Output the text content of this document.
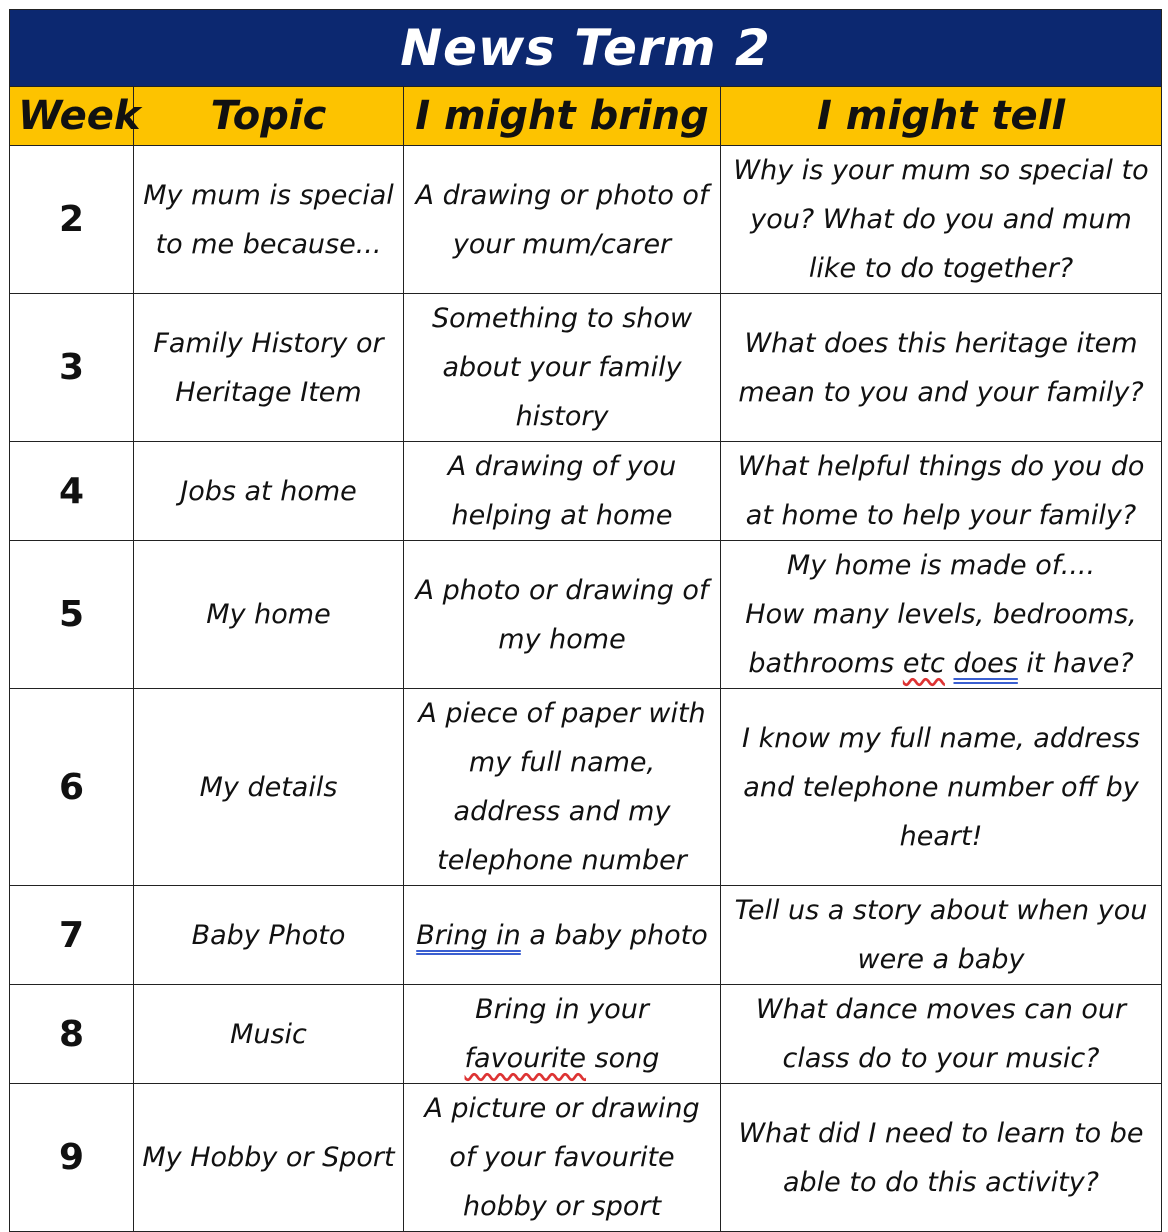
News Term 2			
Week	Topic	I might bring	I might tell
2	My mum is special to me because...	A drawing or photo of your mum/carer	Why is your mum so special to you? What do you and mum like to do together?
3	Family History or Heritage Item	Something to show about your family history	What does this heritage item mean to you and your family?
4	Jobs at home	A drawing of you helping at home	What helpful things do you do at home to help your family?
5	My home	A photo or drawing of my home	My home is made of....
How many levels, bedrooms, bathrooms etc does it have?
6	My details	A piece of paper with my full name, address and my telephone number	I know my full name, address and telephone number off by heart!
7	Baby Photo	Bring in a baby photo	Tell us a story about when you were a baby
8	Music	Bring in your favourite song	What dance moves can our class do to your music?
9	My Hobby or Sport	A picture or drawing of your favourite hobby or sport	What did I need to learn to be able to do this activity?
